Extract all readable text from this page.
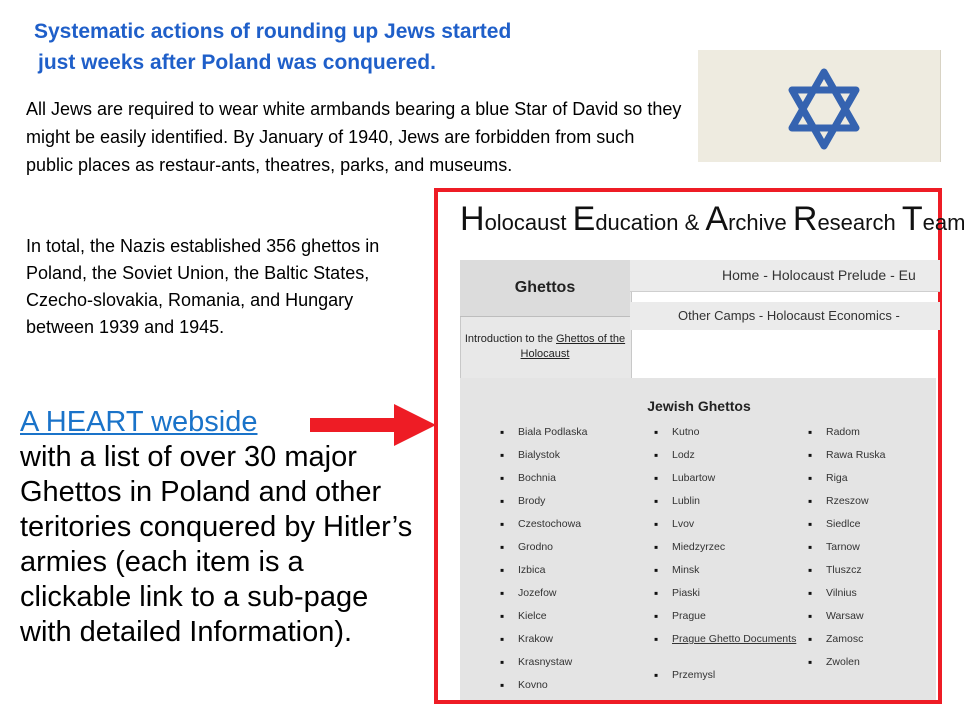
Systematic actions of rounding up Jews started
just weeks after Poland was conquered.
All Jews are required to wear white armbands bearing a blue Star of David so they might be easily identified. By January of 1940, Jews are forbidden from such public places as restaur-ants, theatres, parks, and museums.
In total, the Nazis established 356 ghettos in Poland, the Soviet Union, the Baltic States, Czecho-slovakia, Romania, and Hungary between 1939 and 1945.
A HEART webside
with a list of over 30 major Ghettos in Poland and other teritories conquered by Hitler’s armies (each item is a clickable link to a sub-page with detailed Information).
Holocaust Education & Archive Research Team
Ghettos
Introduction to the Ghettos of the Holocaust
Home - Holocaust Prelude - Eu
Other Camps - Holocaust Economics -
Jewish Ghettos
▪ Biala Podlaska
▪ Bialystok
▪ Bochnia
▪ Brody
▪ Czestochowa
▪ Grodno
▪ Izbica
▪ Jozefow
▪ Kielce
▪ Krakow
▪ Krasnystaw
▪ Kovno
▪ Kutno
▪ Lodz
▪ Lubartow
▪ Lublin
▪ Lvov
▪ Miedzyrzec
▪ Minsk
▪ Piaski
▪ Prague
▪ Prague Ghetto Documents
▪ Przemysl
▪ Radom
▪ Rawa Ruska
▪ Riga
▪ Rzeszow
▪ Siedlce
▪ Tarnow
▪ Tluszcz
▪ Vilnius
▪ Warsaw
▪ Zamosc
▪ Zwolen
